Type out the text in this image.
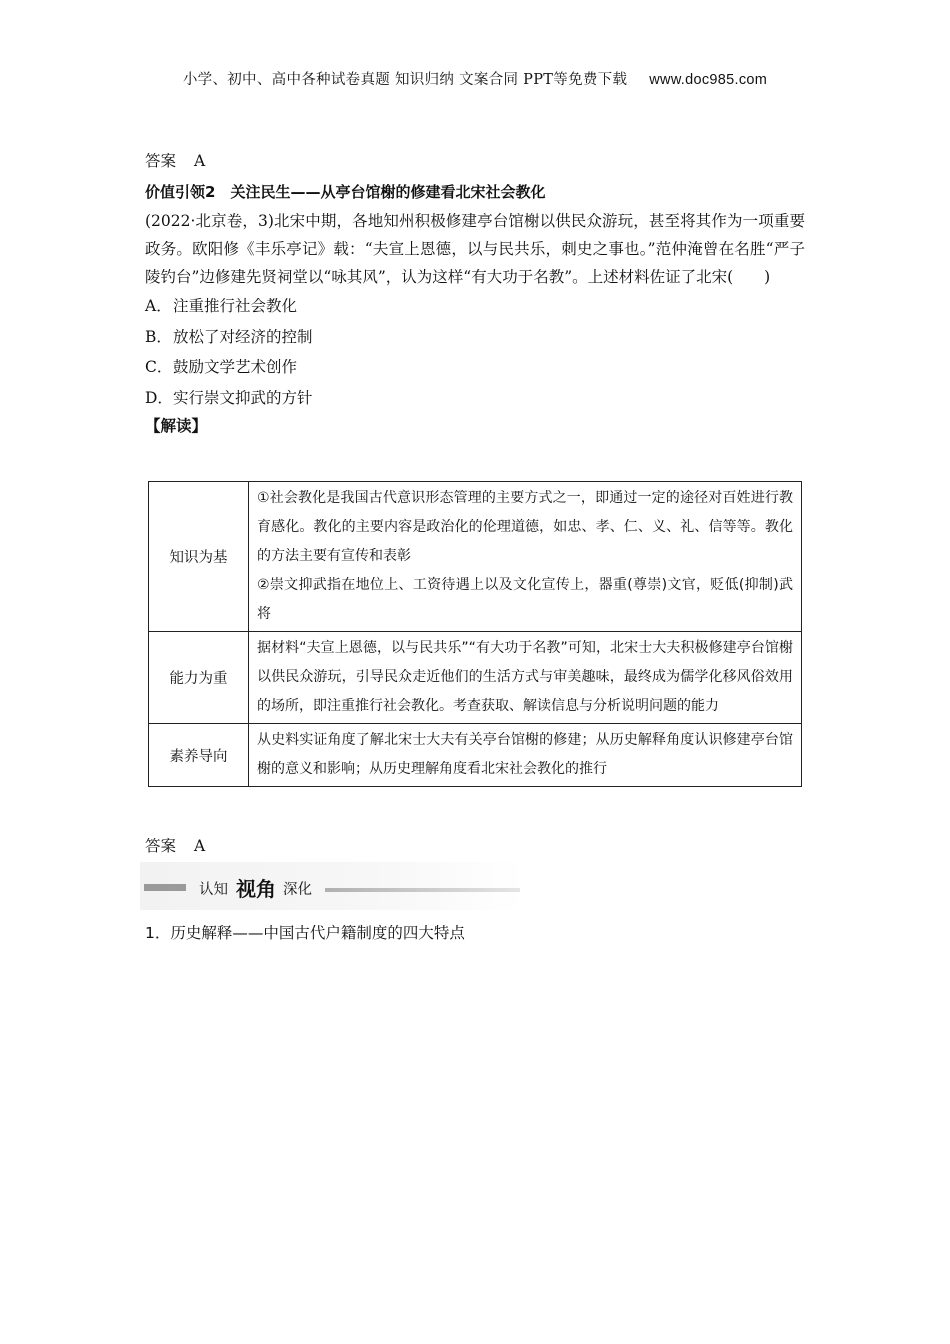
小学、初中、高中各种试卷真题 知识归纳 文案合同 PPT等免费下载 www.doc985.com
答案 A
价值引领2　关注民生——从亭台馆榭的修建看北宋社会教化
(2022·北京卷，3)北宋中期，各地知州积极修建亭台馆榭以供民众游玩，甚至将其作为一项重要政务。欧阳修《丰乐亭记》载：“夫宣上恩德，以与民共乐，刺史之事也。”范仲淹曾在名胜“严子陵钓台”边修建先贤祠堂以“咏其风”，认为这样“有大功于名教”。上述材料佐证了北宋(　　)
A．注重推行社会教化
B．放松了对经济的控制
C．鼓励文学艺术创作
D．实行崇文抑武的方针
【解读】
知识为基	①社会教化是我国古代意识形态管理的主要方式之一，即通过一定的途径对百姓进行教育感化。教化的主要内容是政治化的伦理道德，如忠、孝、仁、义、礼、信等等。教化的方法主要有宣传和表彰
②崇文抑武指在地位上、工资待遇上以及文化宣传上，器重(尊崇)文官，贬低(抑制)武将

能力为重	据材料“夫宣上恩德，以与民共乐”“有大功于名教”可知，北宋士大夫积极修建亭台馆榭以供民众游玩，引导民众走近他们的生活方式与审美趣味，最终成为儒学化移风俗效用的场所，即注重推行社会教化。考查获取、解读信息与分析说明问题的能力

素养导向	从史料实证角度了解北宋士大夫有关亭台馆榭的修建；从历史解释角度认识修建亭台馆榭的意义和影响；从历史理解角度看北宋社会教化的推行
答案 A
认知 视角 深化
1．历史解释——中国古代户籍制度的四大特点
